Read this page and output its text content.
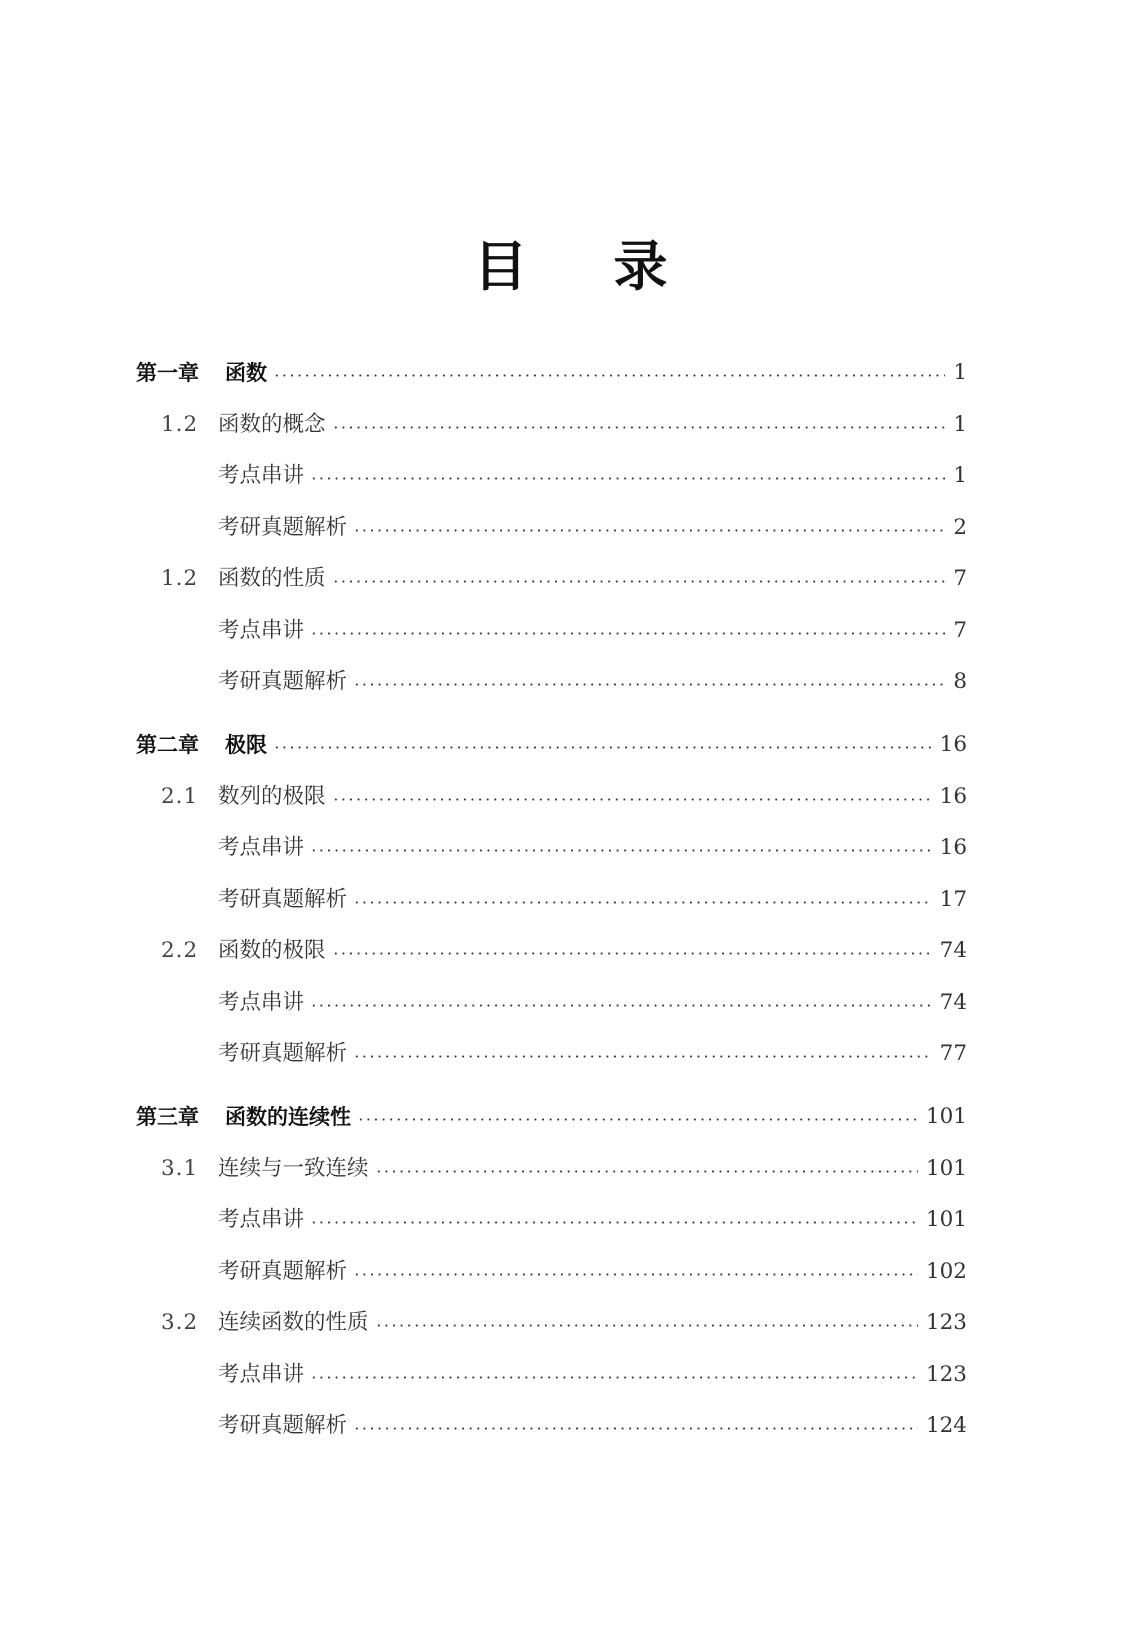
目 录
第一章 函数	1
1.2 函数的概念	1
考点串讲	1
考研真题解析	2
1.2 函数的性质	7
考点串讲	7
考研真题解析	8
第二章 极限	16
2.1 数列的极限	16
考点串讲	16
考研真题解析	17
2.2 函数的极限	74
考点串讲	74
考研真题解析	77
第三章 函数的连续性	101
3.1 连续与一致连续	101
考点串讲	101
考研真题解析	102
3.2 连续函数的性质	123
考点串讲	123
考研真题解析	124
